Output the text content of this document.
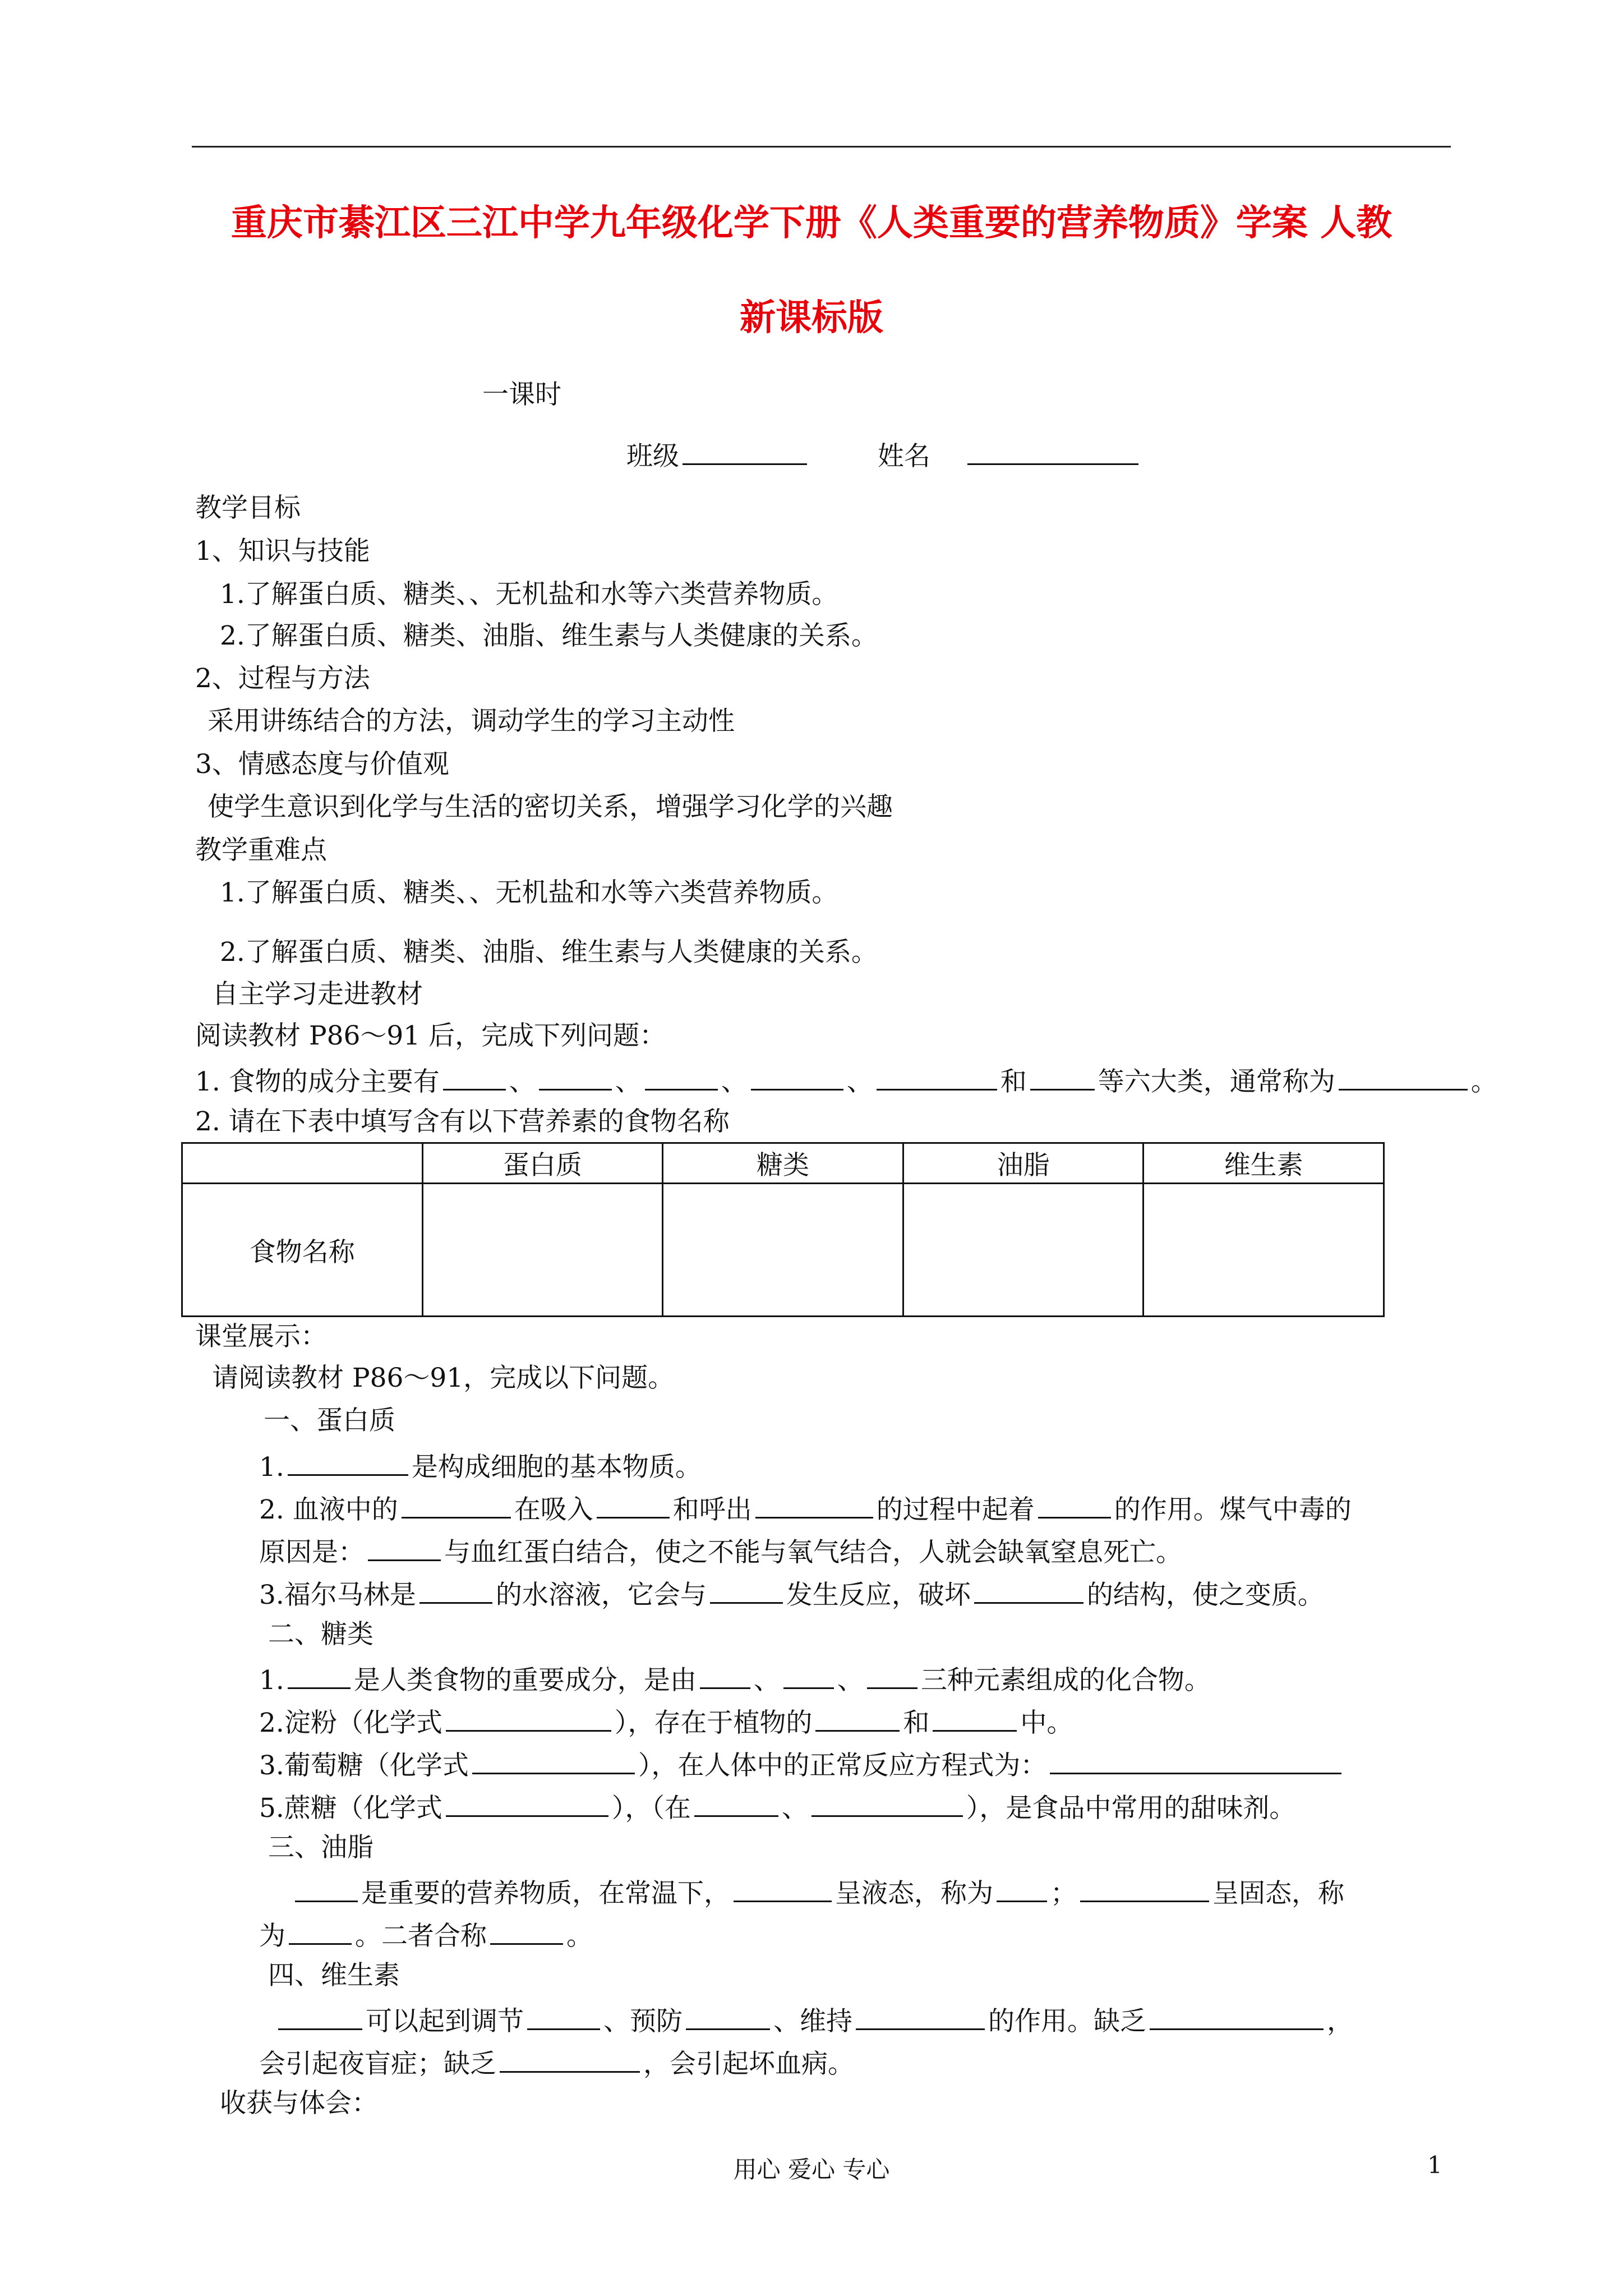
重庆市綦江区三江中学九年级化学下册《人类重要的营养物质》学案 人教
新课标版
一课时
班级	姓名
教学目标
1、知识与技能
1.了解蛋白质、糖类、、无机盐和水等六类营养物质。
2.了解蛋白质、糖类、油脂、维生素与人类健康的关系。
2、过程与方法
采用讲练结合的方法，调动学生的学习主动性
3、情感态度与价值观
使学生意识到化学与生活的密切关系，增强学习化学的兴趣
教学重难点
1.了解蛋白质、糖类、、无机盐和水等六类营养物质。
2.了解蛋白质、糖类、油脂、维生素与人类健康的关系。
自主学习走进教材
阅读教材 P86～91 后，完成下列问题：
1. 食物的成分主要有	、	、	、	、	和	等六大类，通常称为	。
2. 请在下表中填写含有以下营养素的食物名称
	蛋白质	糖类	油脂	维生素
食物名称				
课堂展示：
请阅读教材 P86～91，完成以下问题。
一、蛋白质
1.	是构成细胞的基本物质。
2. 血液中的	在吸入	和呼出	的过程中起着	的作用。煤气中毒的
原因是：	与血红蛋白结合，使之不能与氧气结合，人就会缺氧窒息死亡。
3.福尔马林是	的水溶液，它会与	发生反应，破坏	的结构，使之变质。
二、糖类
1.	是人类食物的重要成分，是由 、 、 三种元素组成的化合物。
2.淀粉（化学式	），存在于植物的	和	中。
3.葡萄糖（化学式	），在人体中的正常反应方程式为：
5.蔗糖（化学式	），（在	、	），是食品中常用的甜味剂。
三、油脂
是重要的营养物质，在常温下，	呈液态，称为 ；	呈固态，称
为	。二者合称	。
四、维生素
可以起到调节	、预防	、维持	的作用。缺乏	，
会引起夜盲症；缺乏	，会引起坏血病。
收获与体会：
用心 爱心 专心	1
